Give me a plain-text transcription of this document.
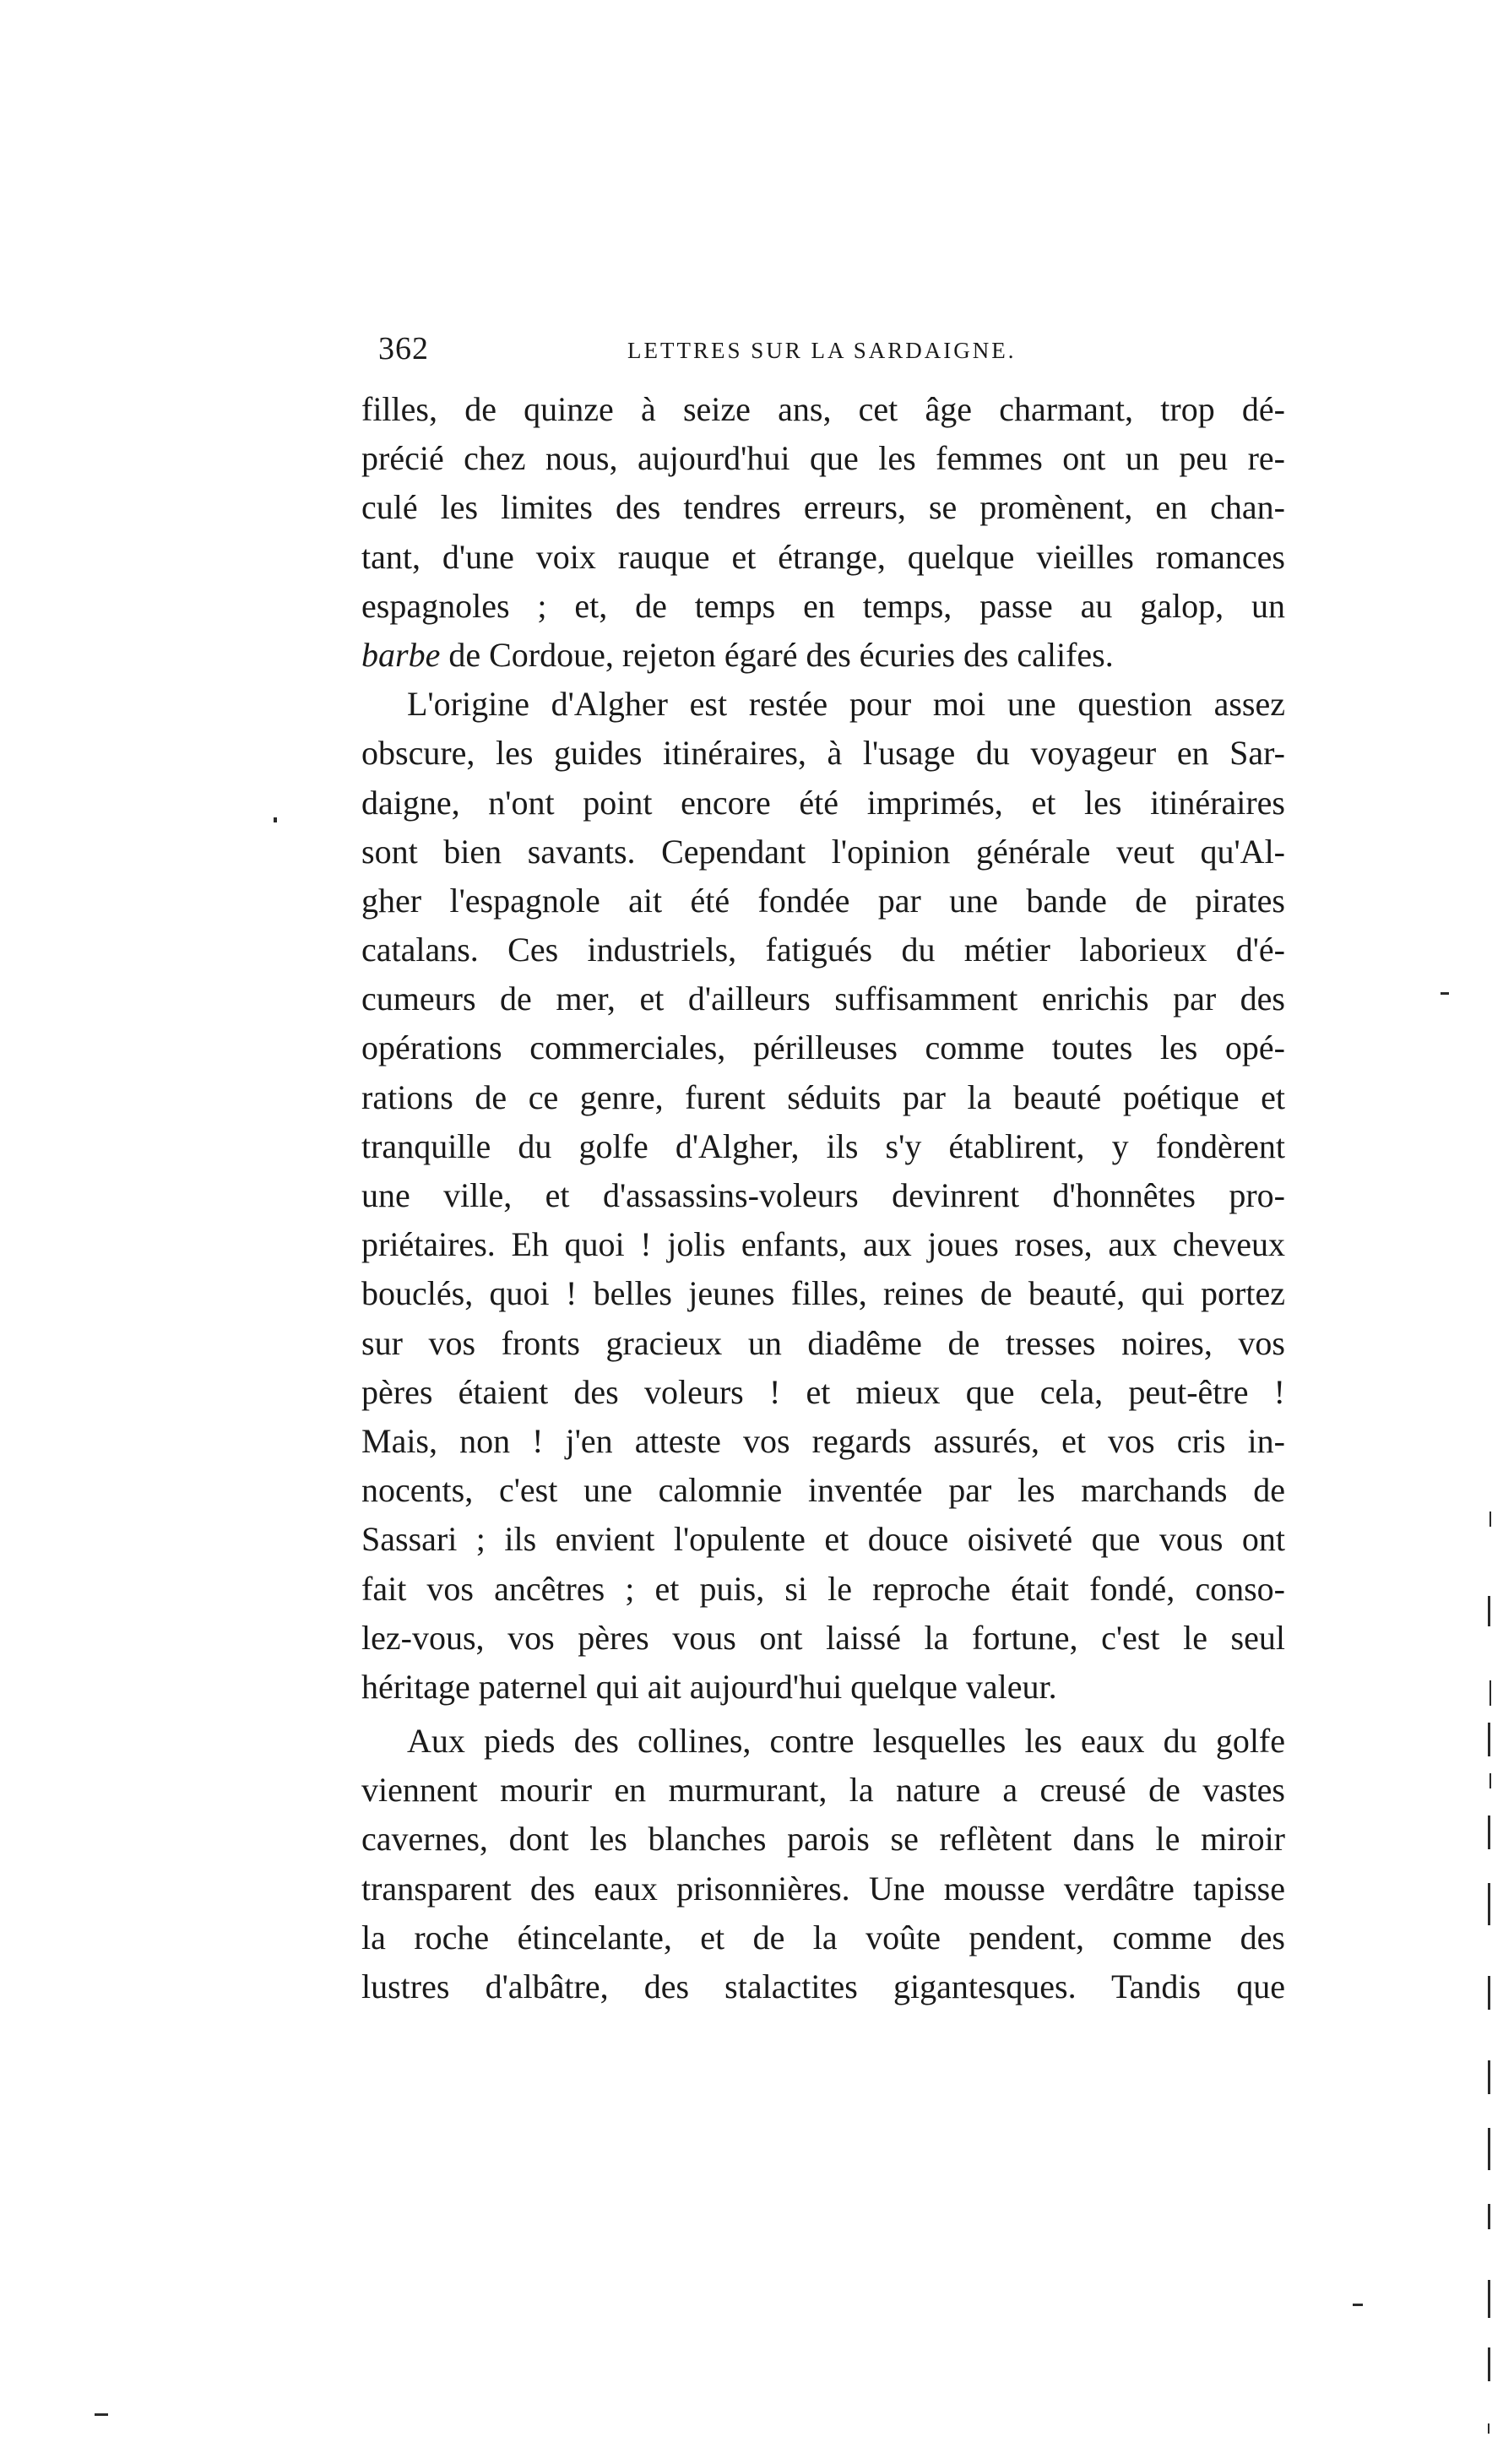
362	LETTRES SUR LA SARDAIGNE.
filles, de quinze à seize ans, cet âge charmant, trop dé-
précié chez nous, aujourd'hui que les femmes ont un peu re-
culé les limites des tendres erreurs, se promènent, en chan-
tant, d'une voix rauque et étrange, quelque vieilles romances
espagnoles ; et, de temps en temps, passe au galop, un
barbe de Cordoue, rejeton égaré des écuries des califes.
L'origine d'Algher est restée pour moi une question assez
obscure, les guides itinéraires, à l'usage du voyageur en Sar-
daigne, n'ont point encore été imprimés, et les itinéraires
sont bien savants. Cependant l'opinion générale veut qu'Al-
gher l'espagnole ait été fondée par une bande de pirates
catalans. Ces industriels, fatigués du métier laborieux d'é-
cumeurs de mer, et d'ailleurs suffisamment enrichis par des
opérations commerciales, périlleuses comme toutes les opé-
rations de ce genre, furent séduits par la beauté poétique et
tranquille du golfe d'Algher, ils s'y établirent, y fondèrent
une ville, et d'assassins-voleurs devinrent d'honnêtes pro-
priétaires. Eh quoi ! jolis enfants, aux joues roses, aux cheveux
bouclés, quoi ! belles jeunes filles, reines de beauté, qui portez
sur vos fronts gracieux un diadême de tresses noires, vos
pères étaient des voleurs ! et mieux que cela, peut-être !
Mais, non ! j'en atteste vos regards assurés, et vos cris in-
nocents, c'est une calomnie inventée par les marchands de
Sassari ; ils envient l'opulente et douce oisiveté que vous ont
fait vos ancêtres ; et puis, si le reproche était fondé, conso-
lez-vous, vos pères vous ont laissé la fortune, c'est le seul
héritage paternel qui ait aujourd'hui quelque valeur.
Aux pieds des collines, contre lesquelles les eaux du golfe
viennent mourir en murmurant, la nature a creusé de vastes
cavernes, dont les blanches parois se reflètent dans le miroir
transparent des eaux prisonnières. Une mousse verdâtre tapisse
la roche étincelante, et de la voûte pendent, comme des
lustres d'albâtre, des stalactites gigantesques. Tandis que
